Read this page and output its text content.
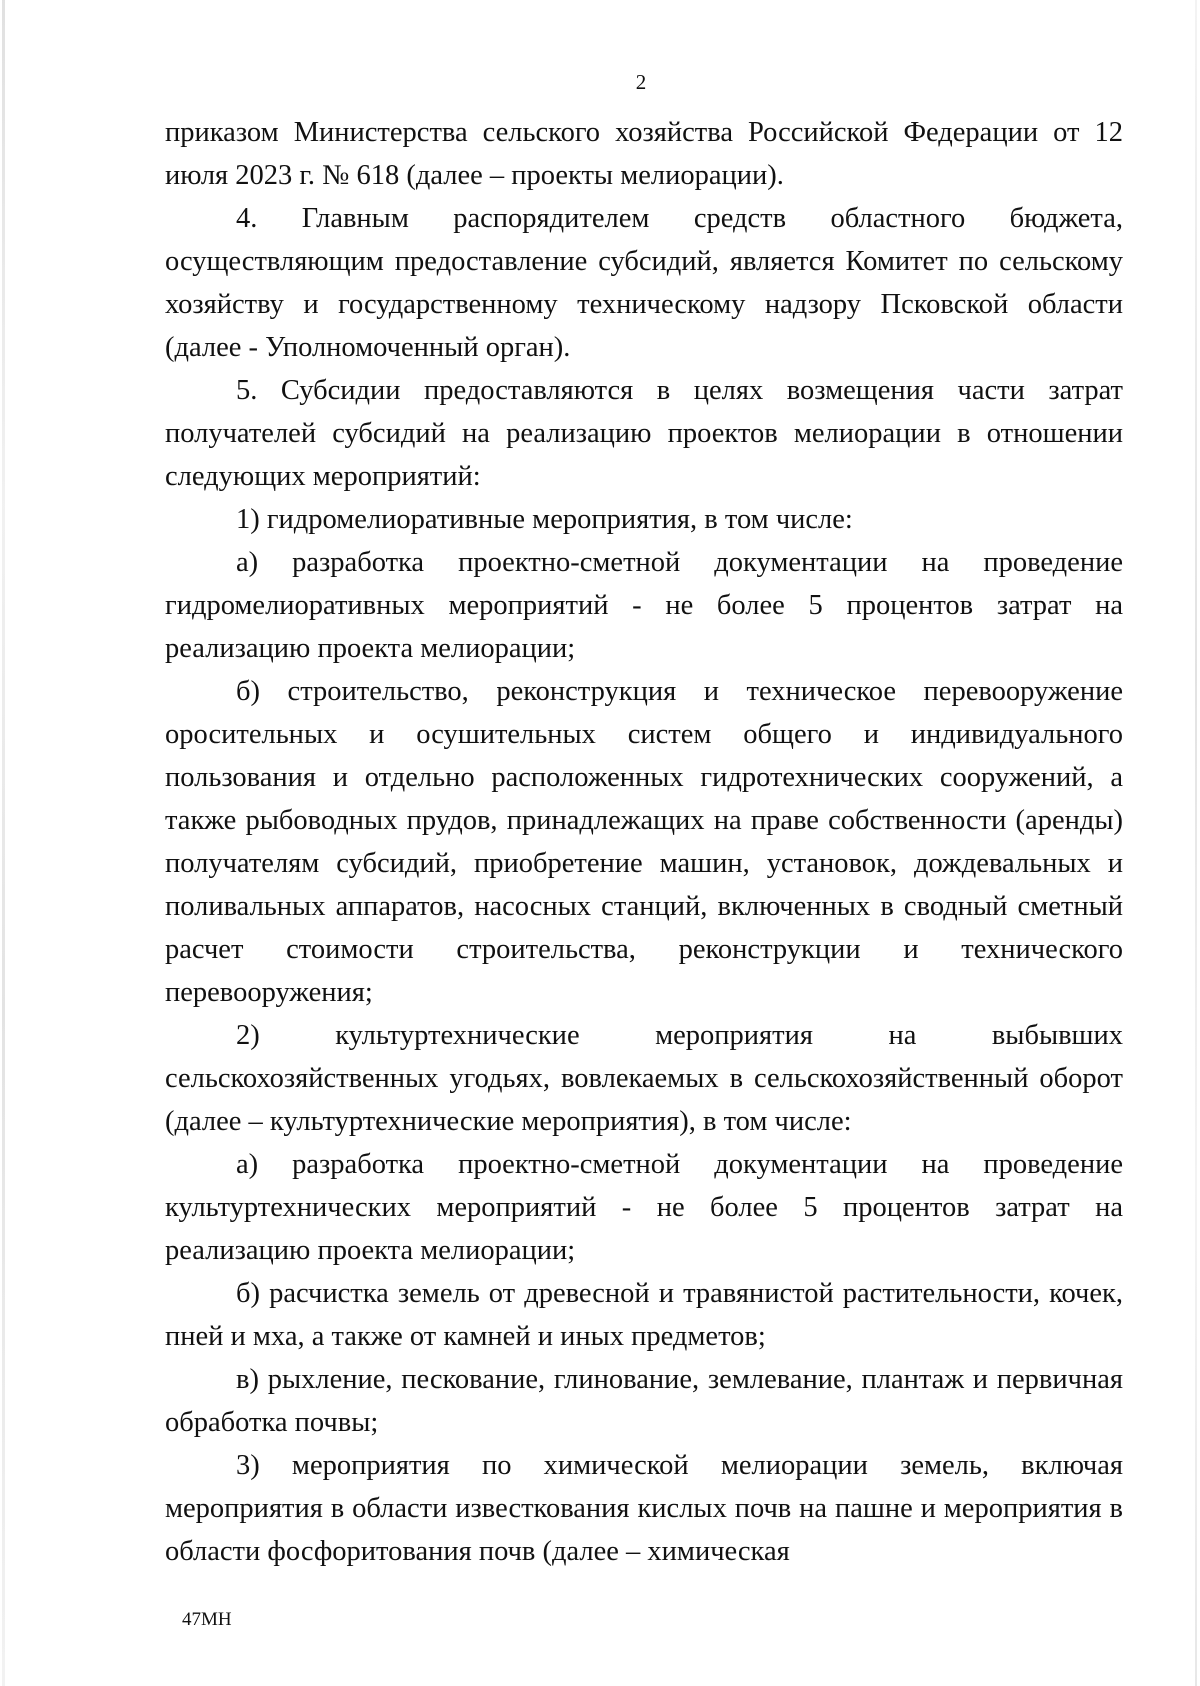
2

приказом Министерства сельского хозяйства Российской Федерации от 12 июля 2023 г. № 618 (далее – проекты мелиорации).

4. Главным распорядителем средств областного бюджета, осуществляющим предоставление субсидий, является Комитет по сельскому хозяйству и государственному техническому надзору Псковской области (далее - Уполномоченный орган).

5. Субсидии предоставляются в целях возмещения части затрат получателей субсидий на реализацию проектов мелиорации в отношении следующих мероприятий:

1) гидромелиоративные мероприятия, в том числе:

а) разработка проектно-сметной документации на проведение гидромелиоративных мероприятий - не более 5 процентов затрат на реализацию проекта мелиорации;

б) строительство, реконструкция и техническое перевооружение оросительных и осушительных систем общего и индивидуального пользования и отдельно расположенных гидротехнических сооружений, а также рыбоводных прудов, принадлежащих на праве собственности (аренды) получателям субсидий, приобретение машин, установок, дождевальных и поливальных аппаратов, насосных станций, включенных в сводный сметный расчет стоимости строительства, реконструкции и технического перевооружения;

2) культуртехнические мероприятия на выбывших сельскохозяйственных угодьях, вовлекаемых в сельскохозяйственный оборот (далее – культуртехнические мероприятия), в том числе:

а) разработка проектно-сметной документации на проведение культуртехнических мероприятий - не более 5 процентов затрат на реализацию проекта мелиорации;

б) расчистка земель от древесной и травянистой растительности, кочек, пней и мха, а также от камней и иных предметов;

в) рыхление, пескование, глинование, землевание, плантаж и первичная обработка почвы;

3) мероприятия по химической мелиорации земель, включая мероприятия в области известкования кислых почв на пашне и мероприятия в области фосфоритования почв (далее – химическая

47МН
